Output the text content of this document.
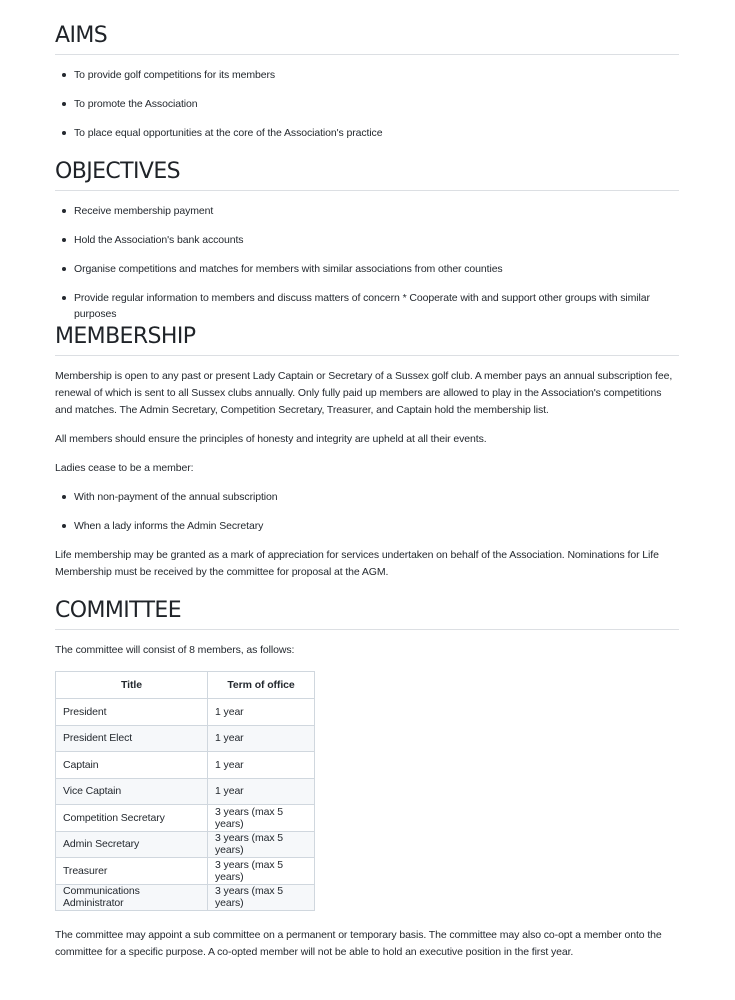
AIMS
To provide golf competitions for its members
To promote the Association
To place equal opportunities at the core of the Association's practice
OBJECTIVES
Receive membership payment
Hold the Association's bank accounts
Organise competitions and matches for members with similar associations from other counties
Provide regular information to members and discuss matters of concern * Cooperate with and support other groups with similar purposes
MEMBERSHIP

Membership is open to any past or present Lady Captain or Secretary of a Sussex golf club. A member pays an annual subscription fee, renewal of which is sent to all Sussex clubs annually. Only fully paid up members are allowed to play in the Association's competitions and matches. The Admin Secretary, Competition Secretary, Treasurer, and Captain hold the membership list.

All members should ensure the principles of honesty and integrity are upheld at all their events.

Ladies cease to be a member:

With non-payment of the annual subscription
When a lady informs the Admin Secretary

Life membership may be granted as a mark of appreciation for services undertaken on behalf of the Association. Nominations for Life Membership must be received by the committee for proposal at the AGM.

COMMITTEE

The committee will consist of 8 members, as follows:

Title	Term of office
President	1 year
President Elect	1 year
Captain	1 year
Vice Captain	1 year
Competition Secretary	3 years (max 5 years)
Admin Secretary	3 years (max 5 years)
Treasurer	3 years (max 5 years)
Communications Administrator	3 years (max 5 years)

The committee may appoint a sub committee on a permanent or temporary basis. The committee may also co-opt a member onto the committee for a specific purpose. A co-opted member will not be able to hold an executive position in the first year.
